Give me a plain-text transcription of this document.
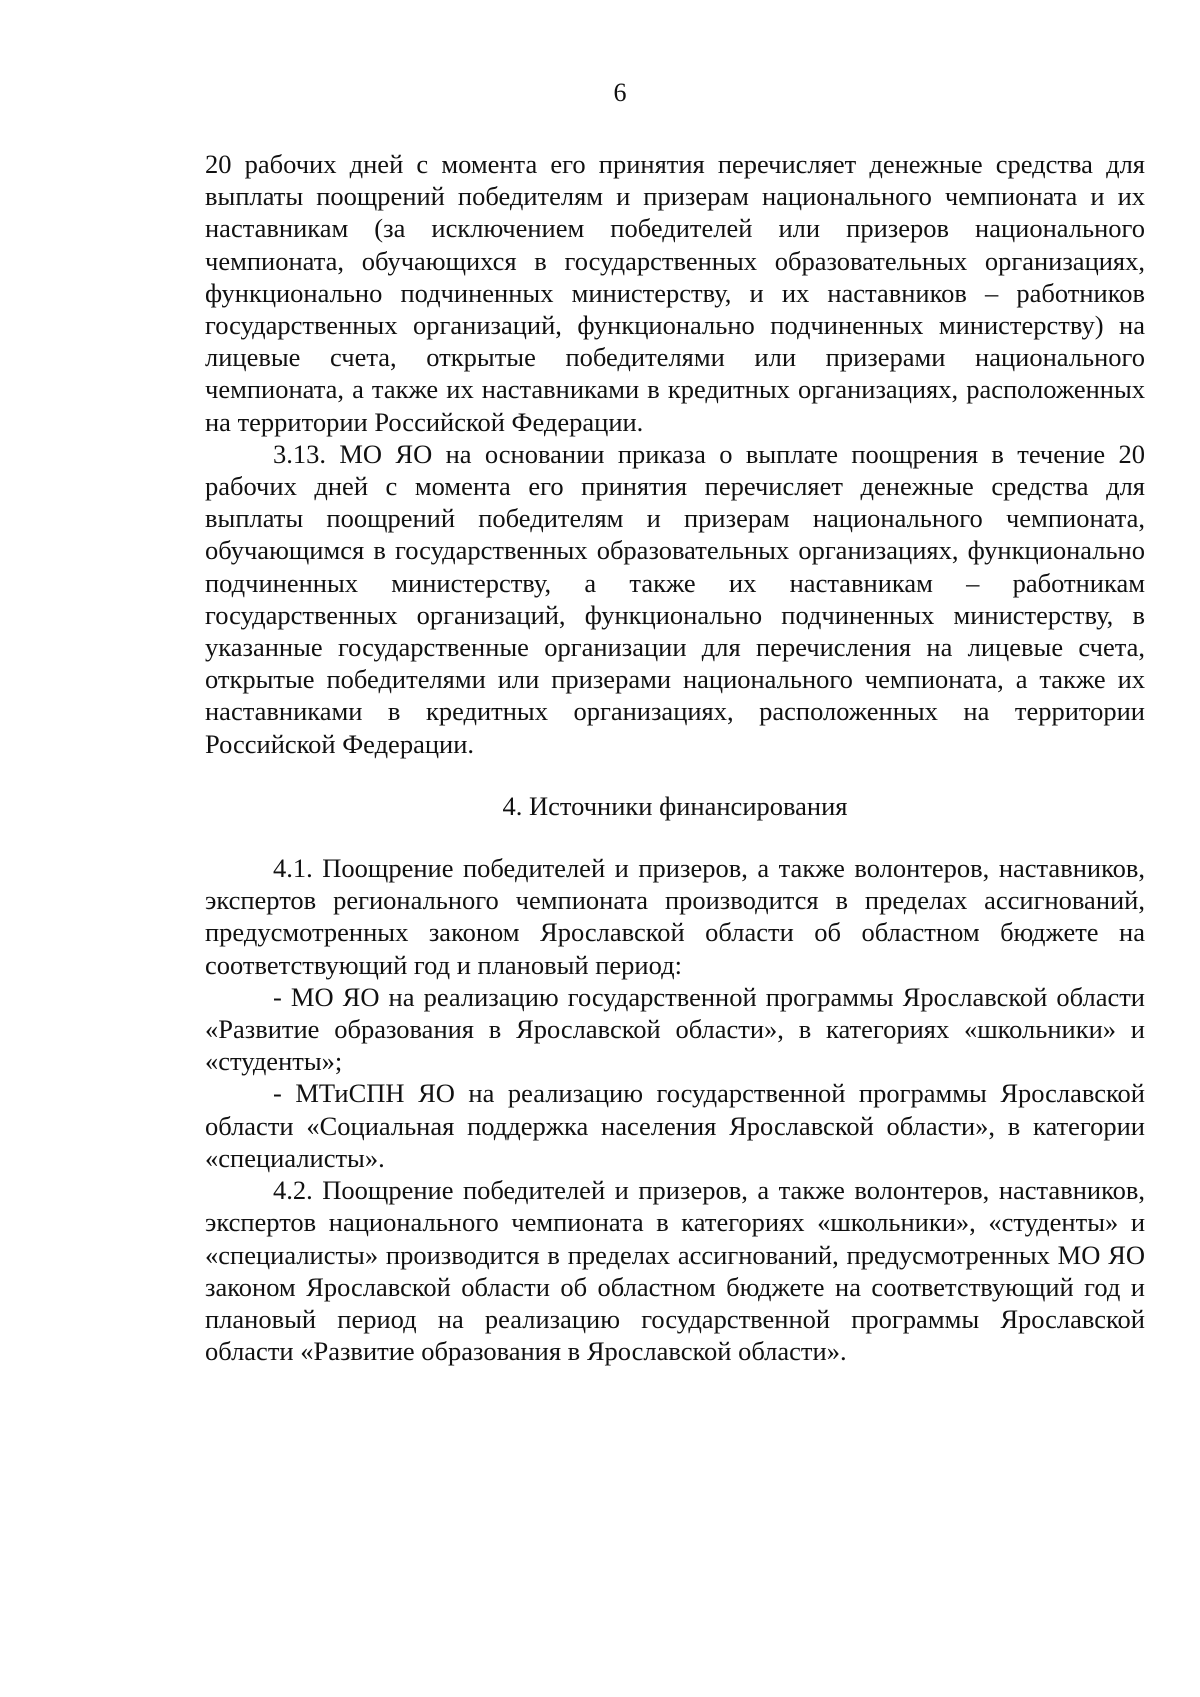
6

20 рабочих дней с момента его принятия перечисляет денежные средства для выплаты поощрений победителям и призерам национального чемпионата и их наставникам (за исключением победителей или призеров национального чемпионата, обучающихся в государственных образовательных организациях, функционально подчиненных министерству, и их наставников – работников государственных организаций, функционально подчиненных министерству) на лицевые счета, открытые победителями или призерами национального чемпионата, а также их наставниками в кредитных организациях, расположенных на территории Российской Федерации.

3.13. МО ЯО на основании приказа о выплате поощрения в течение 20 рабочих дней с момента его принятия перечисляет денежные средства для выплаты поощрений победителям и призерам национального чемпионата, обучающимся в государственных образовательных организациях, функционально подчиненных министерству, а также их наставникам – работникам государственных организаций, функционально подчиненных министерству, в указанные государственные организации для перечисления на лицевые счета, открытые победителями или призерами национального чемпионата, а также их наставниками в кредитных организациях, расположенных на территории Российской Федерации.

4. Источники финансирования

4.1. Поощрение победителей и призеров, а также волонтеров, наставников, экспертов регионального чемпионата производится в пределах ассигнований, предусмотренных законом Ярославской области об областном бюджете на соответствующий год и плановый период:

- МО ЯО на реализацию государственной программы Ярославской области «Развитие образования в Ярославской области», в категориях «школьники» и «студенты»;

- МТиСПН ЯО на реализацию государственной программы Ярославской области «Социальная поддержка населения Ярославской области», в категории «специалисты».

4.2. Поощрение победителей и призеров, а также волонтеров, наставников, экспертов национального чемпионата в категориях «школьники», «студенты» и «специалисты» производится в пределах ассигнований, предусмотренных МО ЯО законом Ярославской области об областном бюджете на соответствующий год и плановый период на реализацию государственной программы Ярославской области «Развитие образования в Ярославской области».
